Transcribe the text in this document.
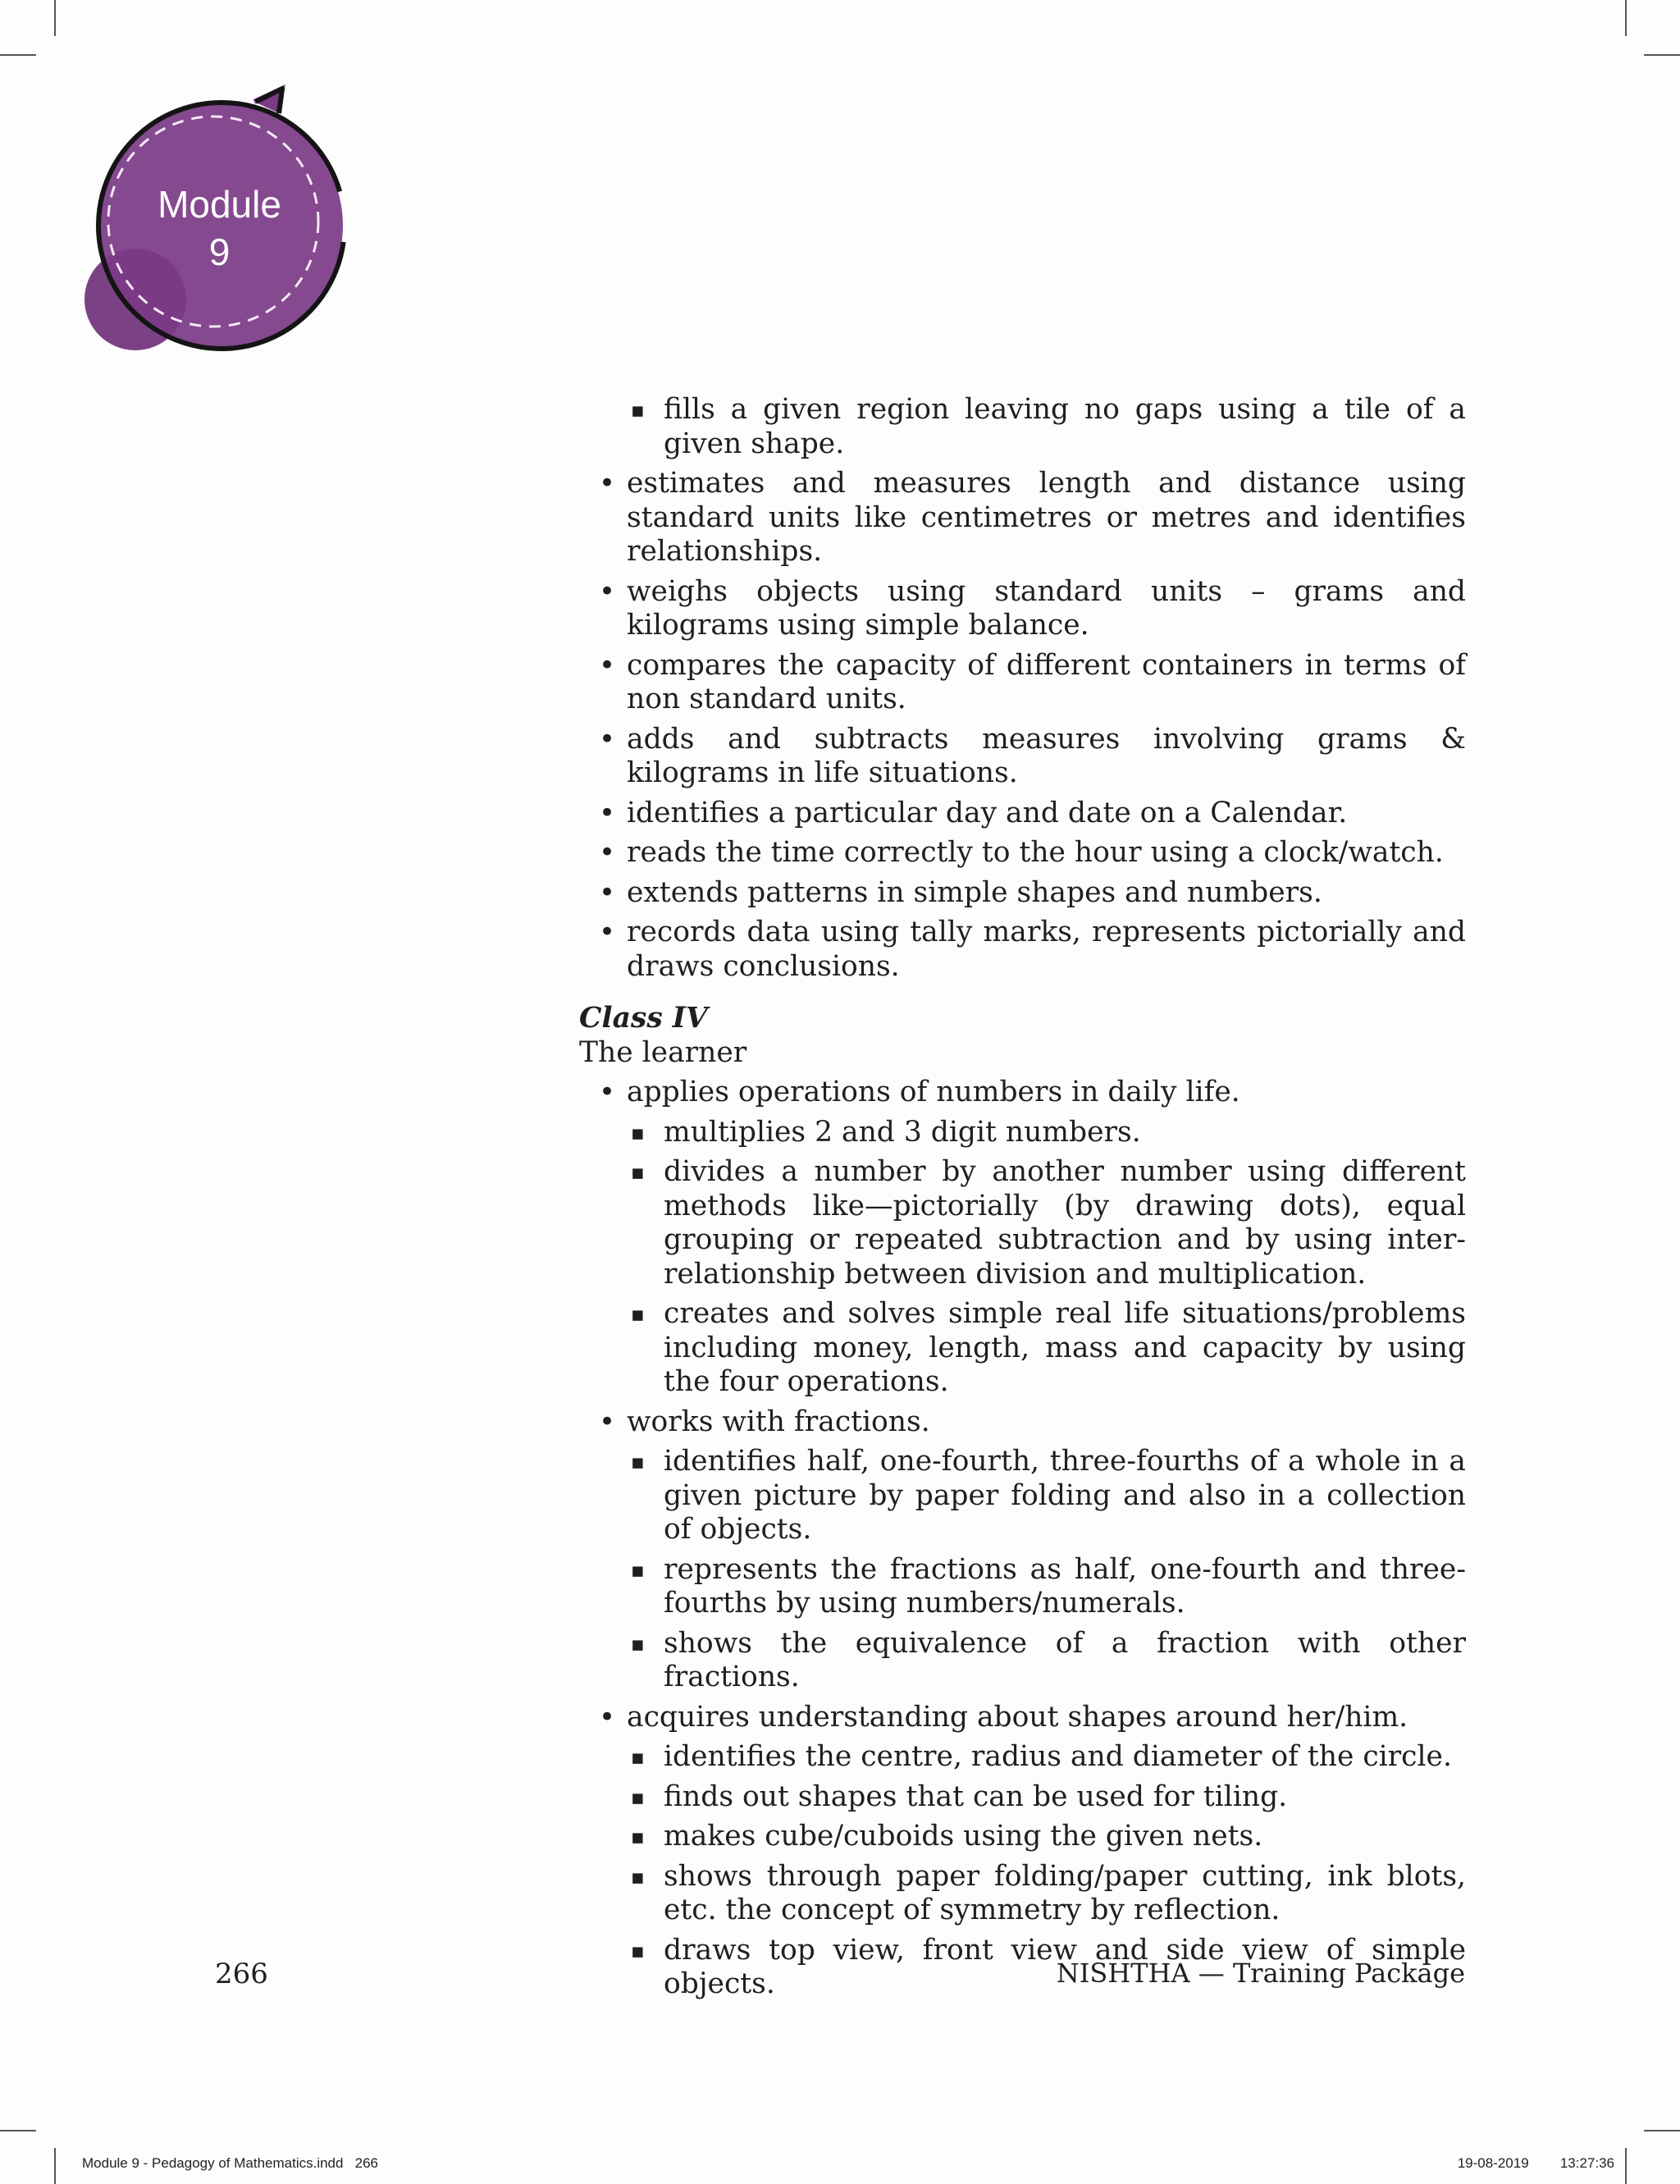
Module
9
▪ fills a given region leaving no gaps using a tile of a given shape.
• estimates and measures length and distance using standard units like centimetres or metres and identifies relationships.
• weighs objects using standard units – grams and kilograms using simple balance.
• compares the capacity of different containers in terms of non standard units.
• adds and subtracts measures involving grams & kilograms in life situations.
• identifies a particular day and date on a Calendar.
• reads the time correctly to the hour using a clock/watch.
• extends patterns in simple shapes and numbers.
• records data using tally marks, represents pictorially and draws conclusions.
Class IV
The learner
• applies operations of numbers in daily life.
▪ multiplies 2 and 3 digit numbers.
▪ divides a number by another number using different methods like—pictorially (by drawing dots), equal grouping or repeated subtraction and by using inter-relationship between division and multiplication.
▪ creates and solves simple real life situations/problems including money, length, mass and capacity by using the four operations.
• works with fractions.
▪ identifies half, one-fourth, three-fourths of a whole in a given picture by paper folding and also in a collection of objects.
▪ represents the fractions as half, one-fourth and three-fourths by using numbers/numerals.
▪ shows the equivalence of a fraction with other fractions.
• acquires understanding about shapes around her/him.
▪ identifies the centre, radius and diameter of the circle.
▪ finds out shapes that can be used for tiling.
▪ makes cube/cuboids using the given nets.
▪ shows through paper folding/paper cutting, ink blots, etc. the concept of symmetry by reflection.
▪ draws top view, front view and side view of simple objects.
266	NISHTHA — Training Package
Module 9 - Pedagogy of Mathematics.indd   266	19-08-2019   13:27:36
